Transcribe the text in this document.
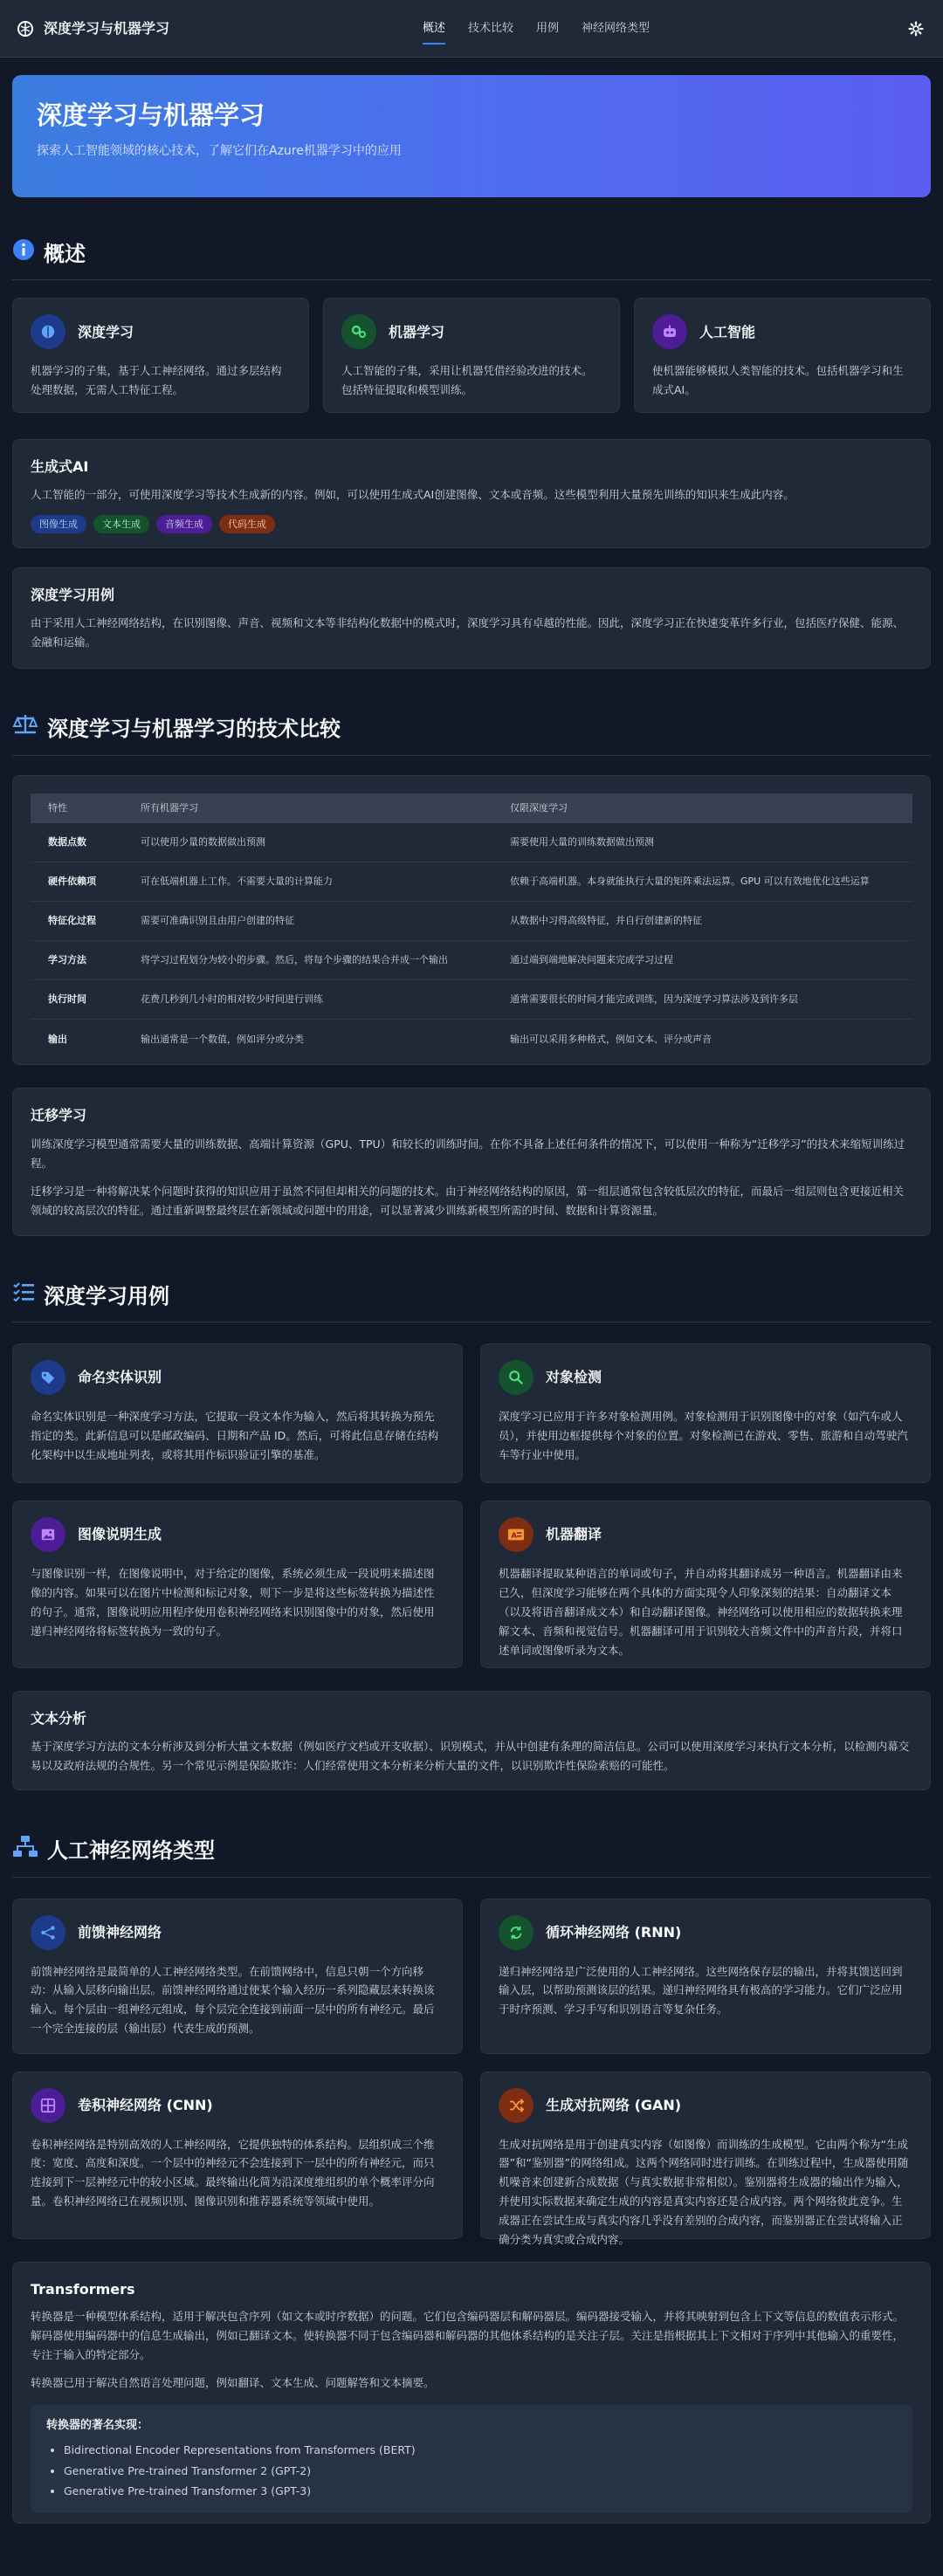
深度学习与机器学习	概述 技术比较 用例 神经网络类型
深度学习与机器学习

探索人工智能领域的核心技术，了解它们在Azure机器学习中的应用

概述
深度学习

机器学习的子集，基于人工神经网络。通过多层结构处理数据，无需人工特征工程。

机器学习

人工智能的子集，采用让机器凭借经验改进的技术。包括特征提取和模型训练。

人工智能

使机器能够模拟人类智能的技术。包括机器学习和生成式AI。

生成式AI

人工智能的一部分，可使用深度学习等技术生成新的内容。例如，可以使用生成式AI创建图像、文本或音频。这些模型利用大量预先训练的知识来生成此内容。

图像生成	文本生成	音频生成	代码生成
深度学习用例

由于采用人工神经网络结构，在识别图像、声音、视频和文本等非结构化数据中的模式时，深度学习具有卓越的性能。因此，深度学习正在快速变革许多行业，包括医疗保健、能源、金融和运输。

深度学习与机器学习的技术比较
特性	所有机器学习	仅限深度学习
数据点数	可以使用少量的数据做出预测	需要使用大量的训练数据做出预测
硬件依赖项	可在低端机器上工作。不需要大量的计算能力	依赖于高端机器。本身就能执行大量的矩阵乘法运算。GPU 可以有效地优化这些运算
特征化过程	需要可准确识别且由用户创建的特征	从数据中习得高级特征，并自行创建新的特征
学习方法	将学习过程划分为较小的步骤。然后，将每个步骤的结果合并成一个输出	通过端到端地解决问题来完成学习过程
执行时间	花费几秒到几小时的相对较少时间进行训练	通常需要很长的时间才能完成训练，因为深度学习算法涉及到许多层
输出	输出通常是一个数值，例如评分或分类	输出可以采用多种格式，例如文本、评分或声音
迁移学习

训练深度学习模型通常需要大量的训练数据、高端计算资源（GPU、TPU）和较长的训练时间。在你不具备上述任何条件的情况下，可以使用一种称为“迁移学习”的技术来缩短训练过程。

迁移学习是一种将解决某个问题时获得的知识应用于虽然不同但却相关的问题的技术。由于神经网络结构的原因，第一组层通常包含较低层次的特征，而最后一组层则包含更接近相关领域的较高层次的特征。通过重新调整最终层在新领域或问题中的用途，可以显著减少训练新模型所需的时间、数据和计算资源量。

深度学习用例
命名实体识别

命名实体识别是一种深度学习方法，它提取一段文本作为输入，然后将其转换为预先指定的类。此新信息可以是邮政编码、日期和产品 ID。然后，可将此信息存储在结构化架构中以生成地址列表，或将其用作标识验证引擎的基准。

对象检测

深度学习已应用于许多对象检测用例。对象检测用于识别图像中的对象（如汽车或人员），并使用边框提供每个对象的位置。对象检测已在游戏、零售、旅游和自动驾驶汽车等行业中使用。

图像说明生成

与图像识别一样，在图像说明中，对于给定的图像，系统必须生成一段说明来描述图像的内容。如果可以在图片中检测和标记对象，则下一步是将这些标签转换为描述性的句子。通常，图像说明应用程序使用卷积神经网络来识别图像中的对象，然后使用递归神经网络将标签转换为一致的句子。

A 机器翻译

机器翻译提取某种语言的单词或句子，并自动将其翻译成另一种语言。机器翻译由来已久，但深度学习能够在两个具体的方面实现令人印象深刻的结果：自动翻译文本（以及将语音翻译成文本）和自动翻译图像。神经网络可以使用相应的数据转换来理解文本、音频和视觉信号。机器翻译可用于识别较大音频文件中的声音片段，并将口述单词或图像听录为文本。

文本分析

基于深度学习方法的文本分析涉及到分析大量文本数据（例如医疗文档或开支收据）、识别模式，并从中创建有条理的简洁信息。公司可以使用深度学习来执行文本分析，以检测内幕交易以及政府法规的合规性。另一个常见示例是保险欺诈：人们经常使用文本分析来分析大量的文件，以识别欺诈性保险索赔的可能性。

人工神经网络类型
前馈神经网络

前馈神经网络是最简单的人工神经网络类型。在前馈网络中，信息只朝一个方向移动：从输入层移向输出层。前馈神经网络通过使某个输入经历一系列隐藏层来转换该输入。每个层由一组神经元组成，每个层完全连接到前面一层中的所有神经元。最后一个完全连接的层（输出层）代表生成的预测。

循环神经网络 (RNN)

递归神经网络是广泛使用的人工神经网络。这些网络保存层的输出，并将其馈送回到输入层，以帮助预测该层的结果。递归神经网络具有极高的学习能力。它们广泛应用于时序预测、学习手写和识别语言等复杂任务。

卷积神经网络 (CNN)

卷积神经网络是特别高效的人工神经网络，它提供独特的体系结构。层组织成三个维度：宽度、高度和深度。一个层中的神经元不会连接到下一层中的所有神经元，而只连接到下一层神经元中的较小区域。最终输出化简为沿深度维组织的单个概率评分向量。卷积神经网络已在视频识别、图像识别和推荐器系统等领域中使用。

生成对抗网络 (GAN)

生成对抗网络是用于创建真实内容（如图像）而训练的生成模型。它由两个称为“生成器”和“鉴别器”的网络组成。这两个网络同时进行训练。在训练过程中，生成器使用随机噪音来创建新合成数据（与真实数据非常相似）。鉴别器将生成器的输出作为输入，并使用实际数据来确定生成的内容是真实内容还是合成内容。两个网络彼此竞争。生成器正在尝试生成与真实内容几乎没有差别的合成内容，而鉴别器正在尝试将输入正确分类为真实或合成内容。

Transformers

转换器是一种模型体系结构，适用于解决包含序列（如文本或时序数据）的问题。它们包含编码器层和解码器层。编码器接受输入，并将其映射到包含上下文等信息的数值表示形式。解码器使用编码器中的信息生成输出，例如已翻译文本。使转换器不同于包含编码器和解码器的其他体系结构的是关注子层。关注是指根据其上下文相对于序列中其他输入的重要性，专注于输入的特定部分。

转换器已用于解决自然语言处理问题，例如翻译、文本生成、问题解答和文本摘要。

转换器的著名实现：
• Bidirectional Encoder Representations from Transformers (BERT)
• Generative Pre-trained Transformer 2 (GPT-2)
• Generative Pre-trained Transformer 3 (GPT-3)
